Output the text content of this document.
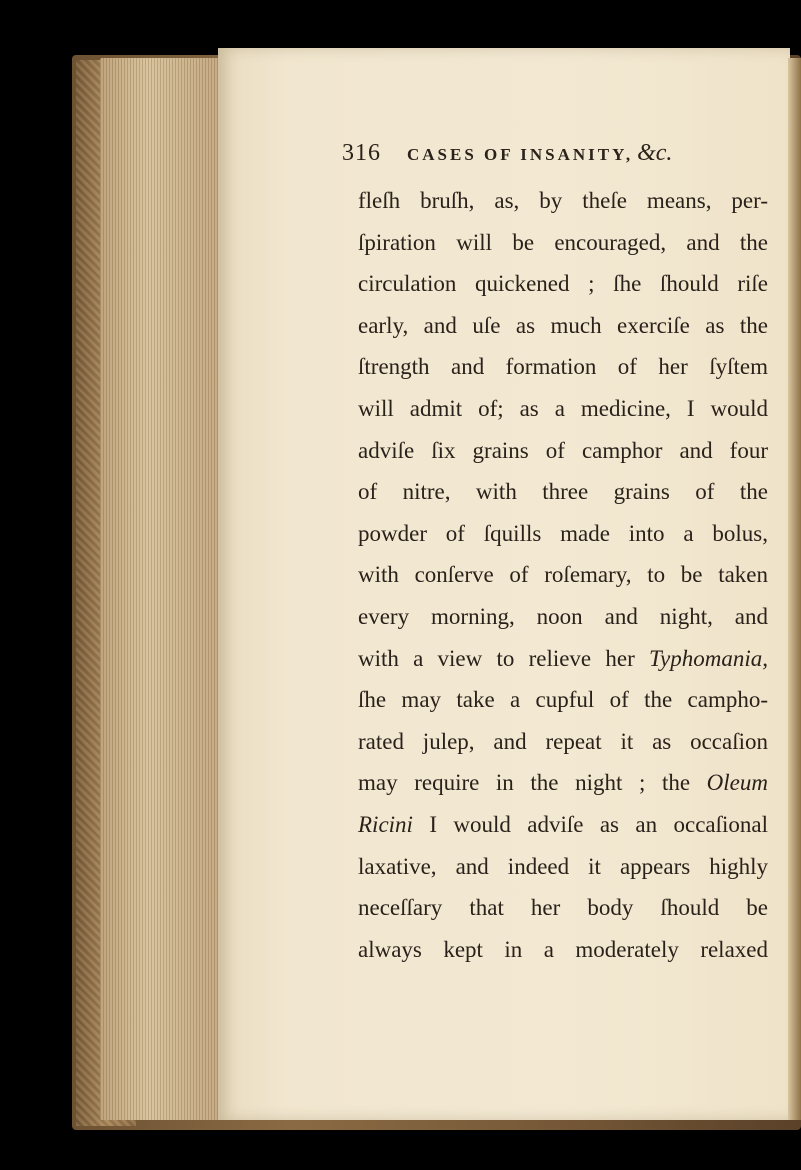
316 CASES OF INSANITY, &c.
fleſh bruſh, as, by theſe means, per-
ſpiration will be encouraged, and the
circulation quickened ; ſhe ſhould riſe
early, and uſe as much exerciſe as the
ſtrength and formation of her ſyſtem
will admit of; as a medicine, I would
adviſe ſix grains of camphor and four
of nitre, with three grains of the
powder of ſquills made into a bolus,
with conſerve of roſemary, to be taken
every morning, noon and night, and
with a view to relieve her Typhomania,
ſhe may take a cupful of the campho-
rated julep, and repeat it as occaſion
may require in the night ; the Oleum
Ricini I would adviſe as an occaſional
laxative, and indeed it appears highly
neceſſary that her body ſhould be
always kept in a moderately relaxed
